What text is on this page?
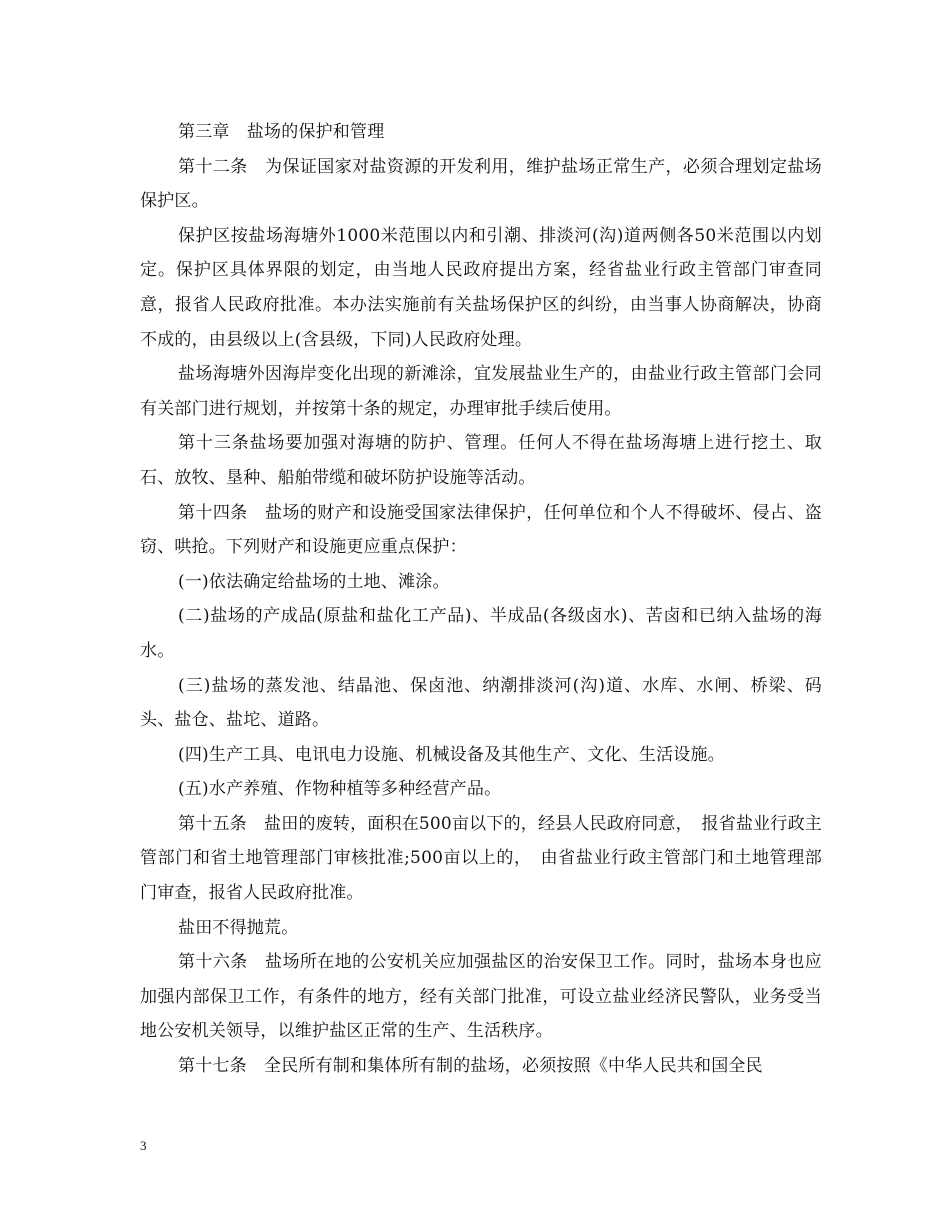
第三章　盐场的保护和管理

第十二条　为保证国家对盐资源的开发利用，维护盐场正常生产，必须合理划定盐场保护区。

保护区按盐场海塘外1000米范围以内和引潮、排淡河(沟)道两侧各50米范围以内划定。保护区具体界限的划定，由当地人民政府提出方案，经省盐业行政主管部门审查同意，报省人民政府批准。本办法实施前有关盐场保护区的纠纷，由当事人协商解决，协商不成的，由县级以上(含县级，下同)人民政府处理。

盐场海塘外因海岸变化出现的新滩涂，宜发展盐业生产的，由盐业行政主管部门会同有关部门进行规划，并按第十条的规定，办理审批手续后使用。

第十三条盐场要加强对海塘的防护、管理。任何人不得在盐场海塘上进行挖土、取石、放牧、垦种、船舶带缆和破坏防护设施等活动。

第十四条　盐场的财产和设施受国家法律保护，任何单位和个人不得破坏、侵占、盗窃、哄抢。下列财产和设施更应重点保护：

(一)依法确定给盐场的土地、滩涂。

(二)盐场的产成品(原盐和盐化工产品)、半成品(各级卤水)、苦卤和已纳入盐场的海水。

(三)盐场的蒸发池、结晶池、保卤池、纳潮排淡河(沟)道、水库、水闸、桥梁、码头、盐仓、盐坨、道路。

(四)生产工具、电讯电力设施、机械设备及其他生产、文化、生活设施。

(五)水产养殖、作物种植等多种经营产品。

第十五条　盐田的废转，面积在500亩以下的，经县人民政府同意，　报省盐业行政主管部门和省土地管理部门审核批准;500亩以上的，　由省盐业行政主管部门和土地管理部门审查，报省人民政府批准。

盐田不得抛荒。

第十六条　盐场所在地的公安机关应加强盐区的治安保卫工作。同时，盐场本身也应加强内部保卫工作，有条件的地方，经有关部门批准，可设立盐业经济民警队，业务受当地公安机关领导，以维护盐区正常的生产、生活秩序。

第十七条　全民所有制和集体所有制的盐场，必须按照《中华人民共和国全民

3
